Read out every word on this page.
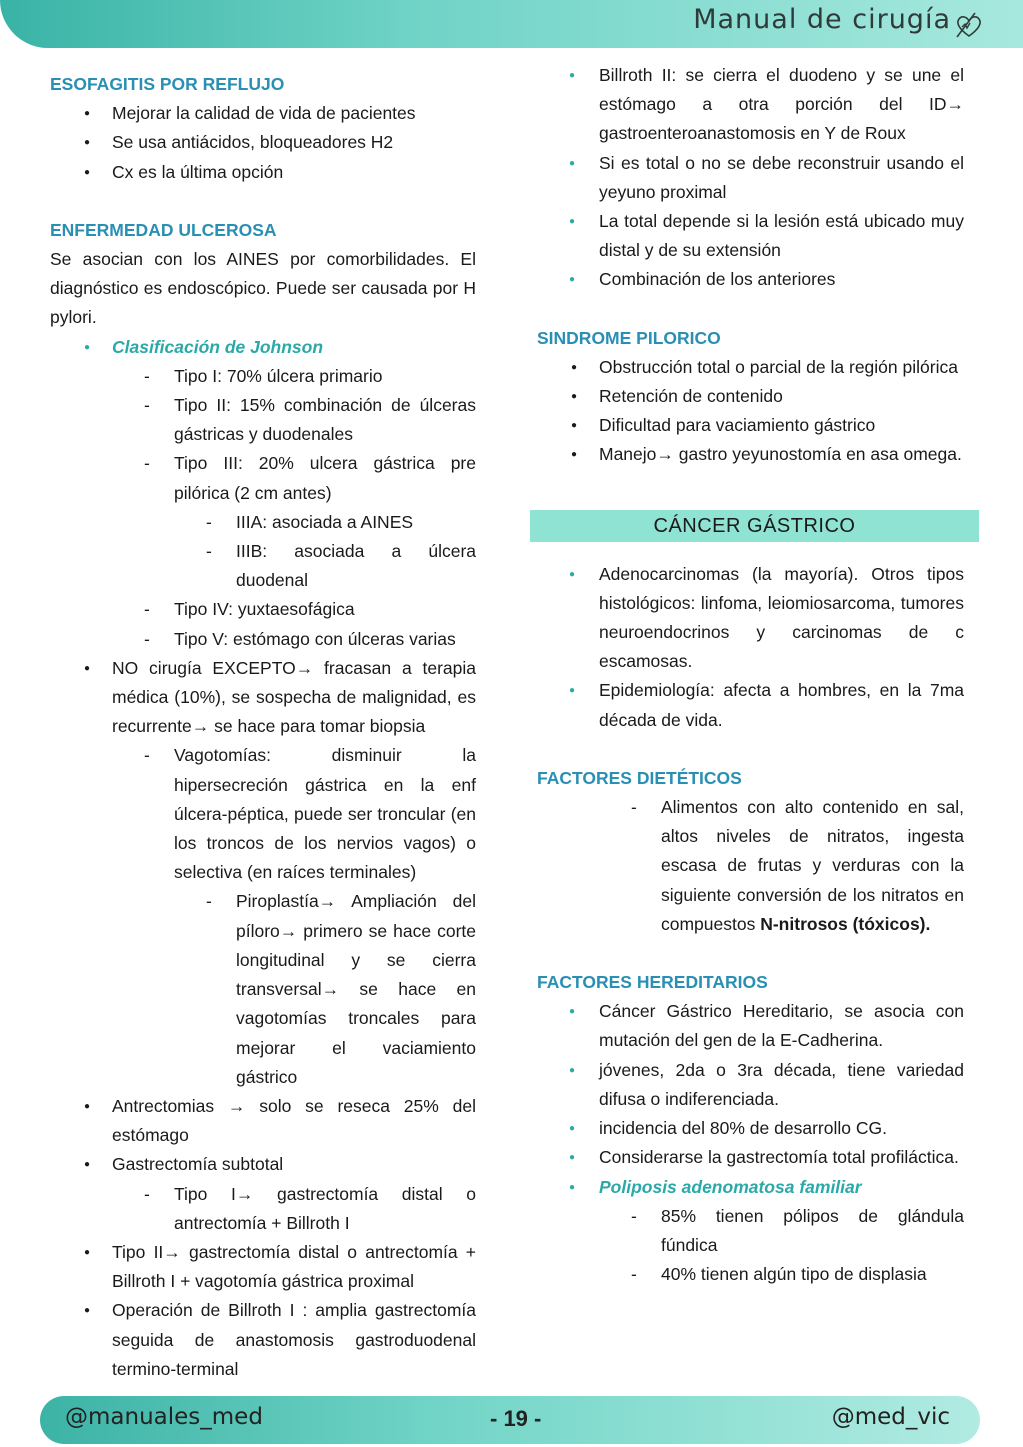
Manual de cirugía
ESOFAGITIS POR REFLUJO
● Mejorar la calidad de vida de pacientes
● Se usa antiácidos, bloqueadores H2
● Cx es la última opción
ENFERMEDAD ULCEROSA
Se asocian con los AINES por comorbilidades. El diagnóstico es endoscópico. Puede ser causada por H pylori.
● Clasificación de Johnson
- Tipo I: 70% úlcera primario
- Tipo II: 15% combinación de úlceras gástricas y duodenales
- Tipo III: 20% ulcera gástrica pre pilórica (2 cm antes)
- IIIA: asociada a AINES
- IIIB: asociada a úlcera duodenal
- Tipo IV: yuxtaesofágica
- Tipo V: estómago con úlceras varias
● NO cirugía EXCEPTO→ fracasan a terapia médica (10%), se sospecha de malignidad, es recurrente→ se hace para tomar biopsia
- Vagotomías: disminuir la hipersecreción gástrica en la enf úlcera-péptica, puede ser troncular (en los troncos de los nervios vagos) o selectiva (en raíces terminales)
- Piroplastía→ Ampliación del píloro→ primero se hace corte longitudinal y se cierra transversal→ se hace en vagotomías troncales para mejorar el vaciamiento gástrico
● Antrectomias → solo se reseca 25% del estómago
● Gastrectomía subtotal
- Tipo I→ gastrectomía distal o antrectomía + Billroth I
● Tipo II→ gastrectomía distal o antrectomía + Billroth I + vagotomía gástrica proximal
● Operación de Billroth I : amplia gastrectomía seguida de anastomosis gastroduodenal termino-terminal
● Billroth II: se cierra el duodeno y se une el estómago a otra porción del ID→ gastroenteroanastomosis en Y de Roux
● Si es total o no se debe reconstruir usando el yeyuno proximal
● La total depende si la lesión está ubicado muy distal y de su extensión
● Combinación de los anteriores
SINDROME PILORICO
● Obstrucción total o parcial de la región pilórica
● Retención de contenido
● Dificultad para vaciamiento gástrico
● Manejo→ gastro yeyunostomía en asa omega.
CÁNCER GÁSTRICO
● Adenocarcinomas (la mayoría). Otros tipos histológicos: linfoma, leiomiosarcoma, tumores neuroendocrinos y carcinomas de c escamosas.
● Epidemiología: afecta a hombres, en la 7ma década de vida.
FACTORES DIETÉTICOS
- Alimentos con alto contenido en sal, altos niveles de nitratos, ingesta escasa de frutas y verduras con la siguiente conversión de los nitratos en compuestos N-nitrosos (tóxicos).
FACTORES HEREDITARIOS
● Cáncer Gástrico Hereditario, se asocia con mutación del gen de la E-Cadherina.
● jóvenes, 2da o 3ra década, tiene variedad difusa o indiferenciada.
● incidencia del 80% de desarrollo CG.
● Considerarse la gastrectomía total profiláctica.
● Poliposis adenomatosa familiar
- 85% tienen pólipos de glándula fúndica
- 40% tienen algún tipo de displasia
@manuales_med	- 19 -	@med_vic
